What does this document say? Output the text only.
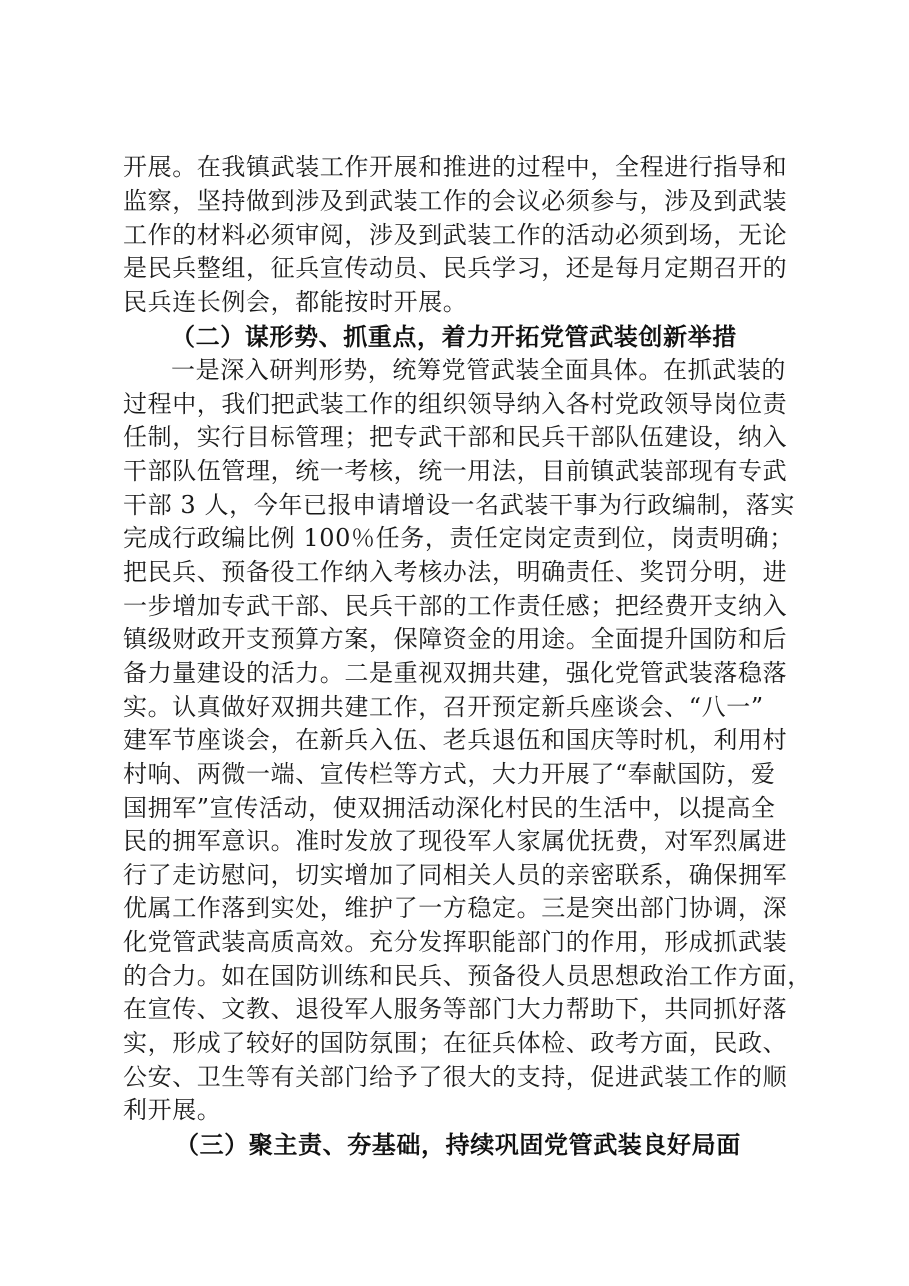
开展。在我镇武装工作开展和推进的过程中，全程进行指导和
监察，坚持做到涉及到武装工作的会议必须参与，涉及到武装
工作的材料必须审阅，涉及到武装工作的活动必须到场，无论
是民兵整组，征兵宣传动员、民兵学习，还是每月定期召开的
民兵连长例会，都能按时开展。
（二）谋形势、抓重点，着力开拓党管武装创新举措
一是深入研判形势，统筹党管武装全面具体。在抓武装的
过程中，我们把武装工作的组织领导纳入各村党政领导岗位责
任制，实行目标管理；把专武干部和民兵干部队伍建设，纳入
干部队伍管理，统一考核，统一用法，目前镇武装部现有专武
干部 3 人，今年已报申请增设一名武装干事为行政编制，落实
完成行政编比例 100％任务，责任定岗定责到位，岗责明确；
把民兵、预备役工作纳入考核办法，明确责任、奖罚分明，进
一步增加专武干部、民兵干部的工作责任感；把经费开支纳入
镇级财政开支预算方案，保障资金的用途。全面提升国防和后
备力量建设的活力。二是重视双拥共建，强化党管武装落稳落
实。认真做好双拥共建工作，召开预定新兵座谈会、“八一”
建军节座谈会，在新兵入伍、老兵退伍和国庆等时机，利用村
村响、两微一端、宣传栏等方式，大力开展了“奉献国防，爱
国拥军”宣传活动，使双拥活动深化村民的生活中，以提高全
民的拥军意识。准时发放了现役军人家属优抚费，对军烈属进
行了走访慰问，切实增加了同相关人员的亲密联系，确保拥军
优属工作落到实处，维护了一方稳定。三是突出部门协调，深
化党管武装高质高效。充分发挥职能部门的作用，形成抓武装
的合力。如在国防训练和民兵、预备役人员思想政治工作方面，
在宣传、文教、退役军人服务等部门大力帮助下，共同抓好落
实，形成了较好的国防氛围；在征兵体检、政考方面，民政、
公安、卫生等有关部门给予了很大的支持，促进武装工作的顺
利开展。
（三）聚主责、夯基础，持续巩固党管武装良好局面
